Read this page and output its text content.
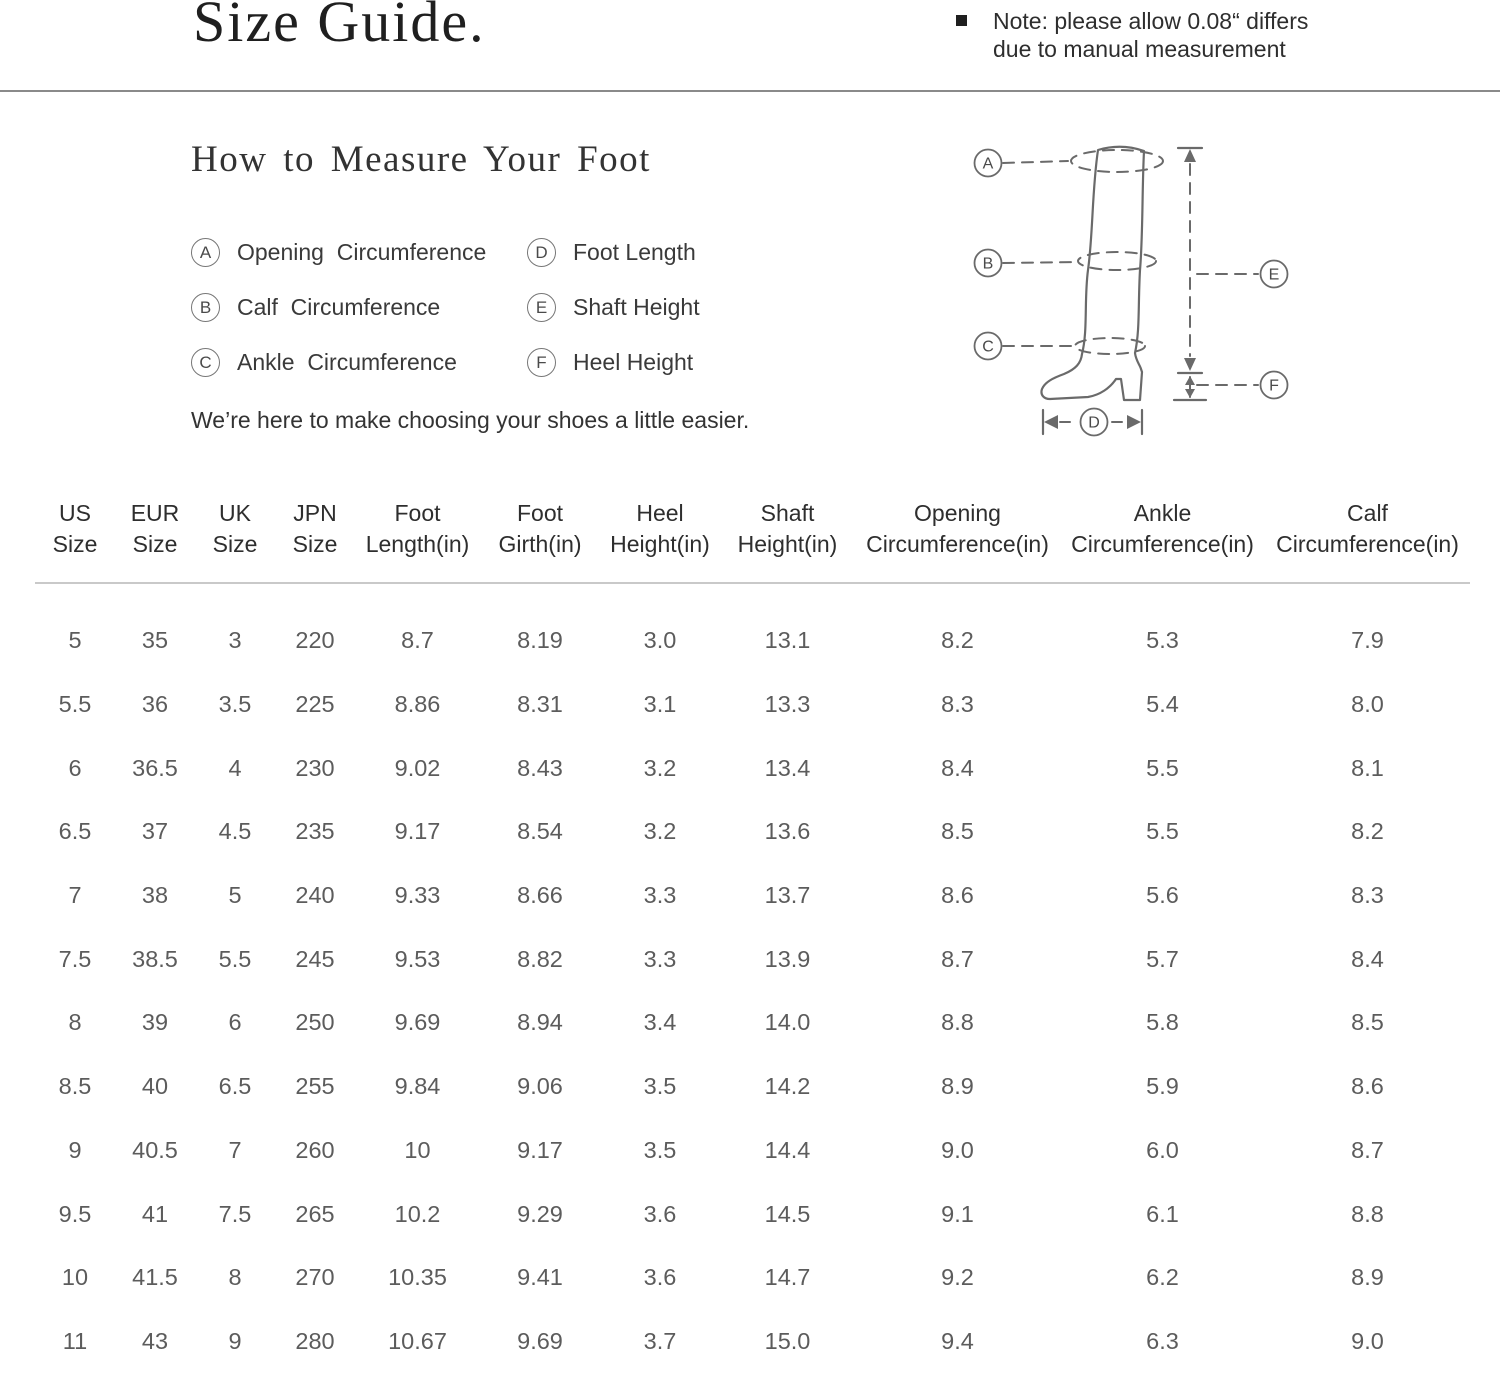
Size Guide.	Note: please allow 0.08“ differs
due to manual measurement
How to Measure Your Foot
A	Opening  Circumference
B	Calf  Circumference
C	Ankle  Circumference
D	Foot Length
E	Shaft Height
F	Heel Height
We’re here to make choosing your shoes a little easier.
A
B
C
D
E
F
US
Size

EUR
Size

UK
Size

JPN
Size

Foot
Length(in)

Foot
Girth(in)

Heel
Height(in)

Shaft
Height(in)

Opening
Circumference(in)

Ankle
Circumference(in)

Calf
Circumference(in)

5	35	3	220	8.7	8.19	3.0	13.1	8.2	5.3	7.9
5.5	36	3.5	225	8.86	8.31	3.1	13.3	8.3	5.4	8.0
6	36.5	4	230	9.02	8.43	3.2	13.4	8.4	5.5	8.1
6.5	37	4.5	235	9.17	8.54	3.2	13.6	8.5	5.5	8.2
7	38	5	240	9.33	8.66	3.3	13.7	8.6	5.6	8.3
7.5	38.5	5.5	245	9.53	8.82	3.3	13.9	8.7	5.7	8.4
8	39	6	250	9.69	8.94	3.4	14.0	8.8	5.8	8.5
8.5	40	6.5	255	9.84	9.06	3.5	14.2	8.9	5.9	8.6
9	40.5	7	260	10	9.17	3.5	14.4	9.0	6.0	8.7
9.5	41	7.5	265	10.2	9.29	3.6	14.5	9.1	6.1	8.8
10	41.5	8	270	10.35	9.41	3.6	14.7	9.2	6.2	8.9
11	43	9	280	10.67	9.69	3.7	15.0	9.4	6.3	9.0
